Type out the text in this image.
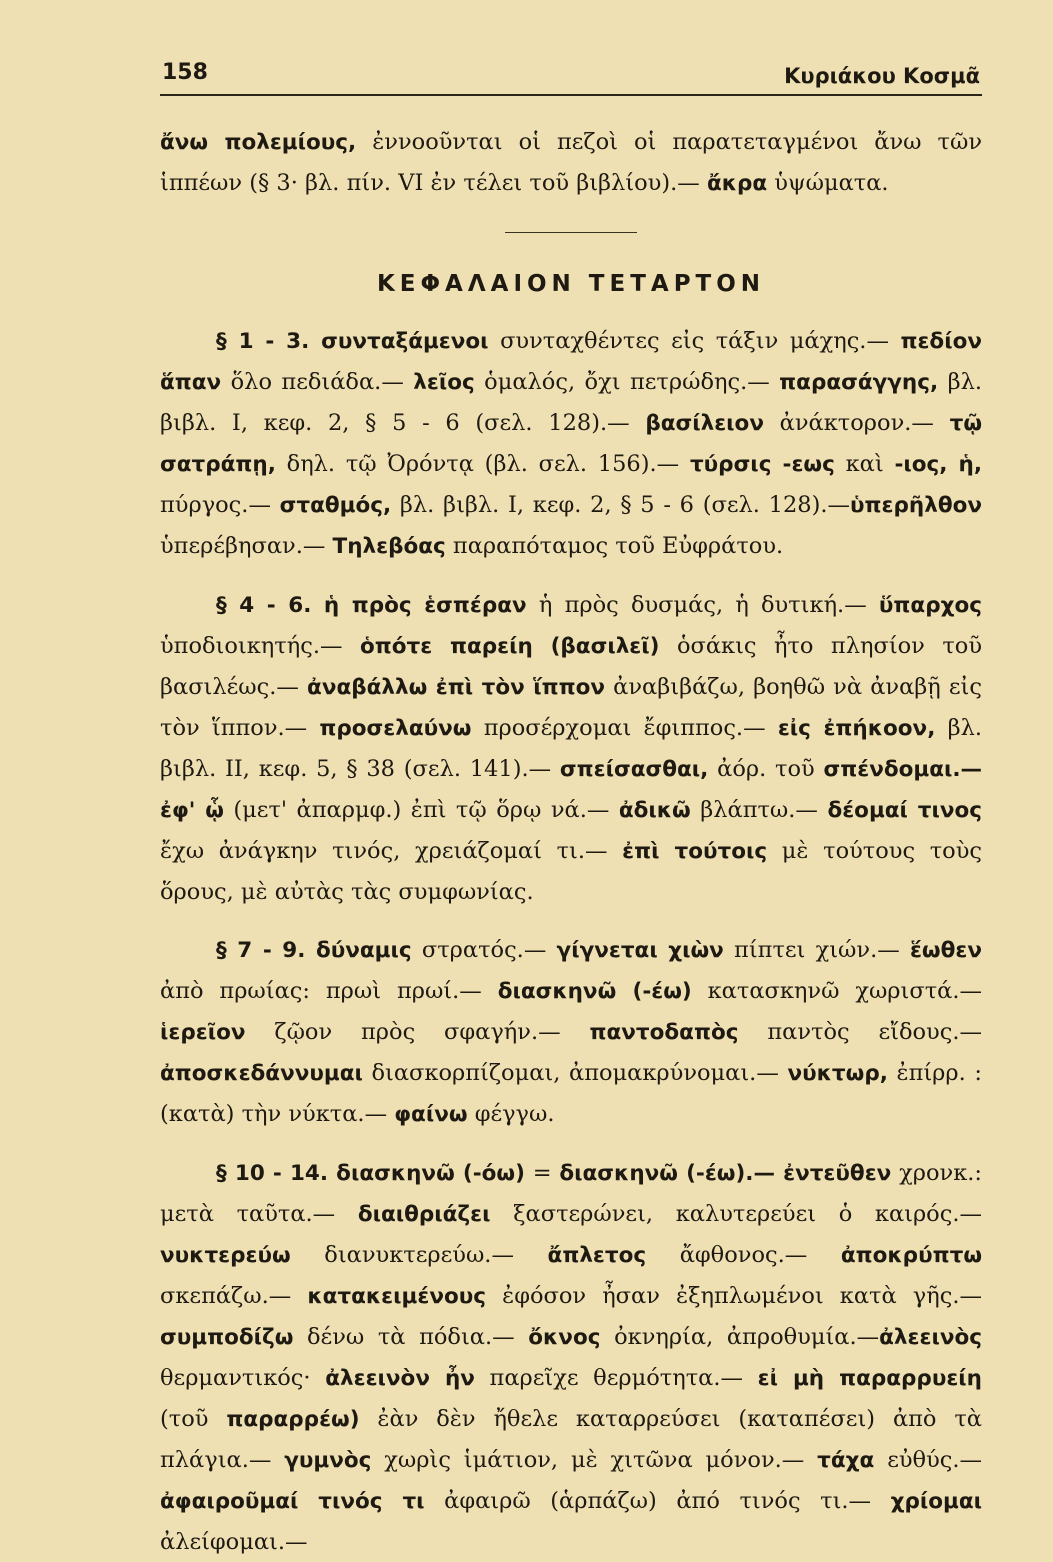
158	Κυριάκου Κοσμᾶ

ἄνω πολεμίους, ἐννοοῦνται οἱ πεζοὶ οἱ παρατεταγμένοι ἄνω τῶν ἱππέων (§ 3· βλ. πίν. VI ἐν τέλει τοῦ βιβλίου).— ἄκρα ὑψώματα.

ΚΕΦΑΛΑΙΟΝ ΤΕΤΑΡΤΟΝ

§ 1 - 3. συνταξάμενοι συνταχθέντες εἰς τάξιν μάχης.— πεδίον ἅπαν ὅλο πεδιάδα.— λεῖος ὁμαλός, ὄχι πετρώδης.— παρασάγγης, βλ. βιβλ. Ι, κεφ. 2, § 5 - 6 (σελ. 128).— βασίλειον ἀνάκτορον.— τῷ σατράπῃ, δηλ. τῷ Ὀρόντᾳ (βλ. σελ. 156).— τύρσις -εως καὶ -ιος, ἡ, πύργος.— σταθμός, βλ. βιβλ. Ι, κεφ. 2, § 5 - 6 (σελ. 128).—ὑπερῆλθον ὑπερέβησαν.— Τηλεβόας παραπόταμος τοῦ Εὐφράτου.

§ 4 - 6. ἡ πρὸς ἑσπέραν ἡ πρὸς δυσμάς, ἡ δυτική.— ὕπαρχος ὑποδιοικητής.— ὁπότε παρείη (βασιλεῖ) ὁσάκις ἦτο πλησίον τοῦ βασιλέως.— ἀναβάλλω ἐπὶ τὸν ἵππον ἀναβιβάζω, βοηθῶ νὰ ἀναβῇ εἰς τὸν ἵππον.— προσελαύνω προσέρχομαι ἔφιππος.— εἰς ἐπήκοον, βλ. βιβλ. ΙΙ, κεφ. 5, § 38 (σελ. 141).— σπείσασθαι, ἀόρ. τοῦ σπένδομαι.—ἐφ' ᾧ (μετ' ἀπαρμφ.) ἐπὶ τῷ ὅρῳ νά.— ἀδικῶ βλάπτω.— δέομαί τινος ἔχω ἀνάγκην τινός, χρειάζομαί τι.— ἐπὶ τούτοις μὲ τούτους τοὺς ὅρους, μὲ αὐτὰς τὰς συμφωνίας.

§ 7 - 9. δύναμις στρατός.— γίγνεται χιὼν πίπτει χιών.— ἕωθεν ἀπὸ πρωίας: πρωὶ πρωί.— διασκηνῶ (-έω) κατασκηνῶ χωριστά.— ἱερεῖον ζῷον πρὸς σφαγήν.— παντοδαπὸς παντὸς εἴδους.— ἀποσκεδάννυμαι διασκορπίζομαι, ἀπομακρύνομαι.— νύκτωρ, ἐπίρρ. : (κατὰ) τὴν νύκτα.— φαίνω φέγγω.

§ 10 - 14. διασκηνῶ (-όω) = διασκηνῶ (-έω).— ἐντεῦθεν χρονκ.: μετὰ ταῦτα.— διαιθριάζει ξαστερώνει, καλυτερεύει ὁ καιρός.— νυκτερεύω διανυκτερεύω.— ἄπλετος ἄφθονος.— ἀποκρύπτω σκεπάζω.— κατακειμένους ἐφόσον ἦσαν ἐξηπλωμένοι κατὰ γῆς.— συμποδίζω δένω τὰ πόδια.— ὄκνος ὀκνηρία, ἀπροθυμία.—ἀλεεινὸς θερμαντικός· ἀλεεινὸν ἦν παρεῖχε θερμότητα.— εἰ μὴ παραρρυείη (τοῦ παραρρέω) ἐὰν δὲν ἤθελε καταρρεύσει (καταπέσει) ἀπὸ τὰ πλάγια.— γυμνὸς χωρὶς ἱμάτιον, μὲ χιτῶνα μόνον.— τάχα εὐθύς.— ἀφαιροῦμαί τινός τι ἀφαιρῶ (ἁρπάζω) ἀπό τινός τι.— χρίομαι ἀλείφομαι.—
